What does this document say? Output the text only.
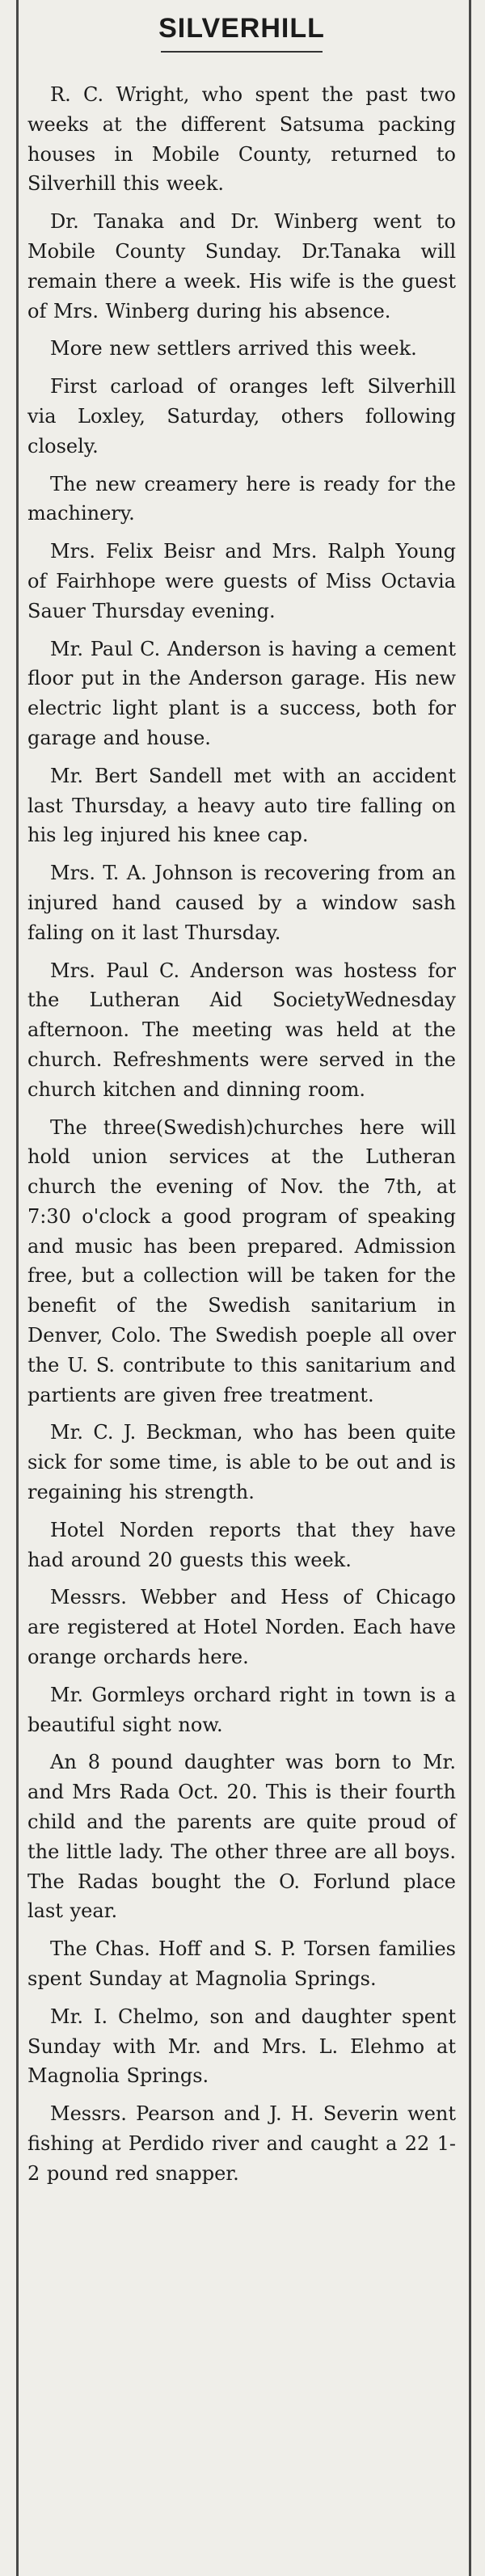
SILVERHILL

R. C. Wright, who spent the past two weeks at the different Satsuma packing houses in Mobile County, returned to Silverhill this week.

Dr. Tanaka and Dr. Winberg went to Mobile County Sunday. Dr.Tanaka will remain there a week. His wife is the guest of Mrs. Winberg during his absence.

More new settlers arrived this week.

First carload of oranges left Silverhill via Loxley, Saturday, others following closely.

The new creamery here is ready for the machinery.

Mrs. Felix Beisr and Mrs. Ralph Young of Fairhhope were guests of Miss Octavia Sauer Thursday evening.

Mr. Paul C. Anderson is having a cement floor put in the Anderson garage. His new electric light plant is a success, both for garage and house.

Mr. Bert Sandell met with an accident last Thursday, a heavy auto tire falling on his leg injured his knee cap.

Mrs. T. A. Johnson is recovering from an injured hand caused by a window sash faling on it last Thursday.

Mrs. Paul C. Anderson was hostess for the Lutheran Aid SocietyWednesday afternoon. The meeting was held at the church. Refreshments were served in the church kitchen and dinning room.

The three(Swedish)churches here will hold union services at the Lutheran church the evening of Nov. the 7th, at 7:30 o'clock a good program of speaking and music has been prepared. Admission free, but a collection will be taken for the benefit of the Swedish sanitarium in Denver, Colo. The Swedish poeple all over the U. S. contribute to this sanitarium and partients are given free treatment.

Mr. C. J. Beckman, who has been quite sick for some time, is able to be out and is regaining his strength.

Hotel Norden reports that they have had around 20 guests this week.

Messrs. Webber and Hess of Chicago are registered at Hotel Norden. Each have orange orchards here.

Mr. Gormleys orchard right in town is a beautiful sight now.

An 8 pound daughter was born to Mr. and Mrs Rada Oct. 20. This is their fourth child and the parents are quite proud of the little lady. The other three are all boys. The Radas bought the O. Forlund place last year.

The Chas. Hoff and S. P. Torsen families spent Sunday at Magnolia Springs.

Mr. I. Chelmo, son and daughter spent Sunday with Mr. and Mrs. L. Elehmo at Magnolia Springs.

Messrs. Pearson and J. H. Severin went fishing at Perdido river and caught a 22 1-2 pound red snapper.
